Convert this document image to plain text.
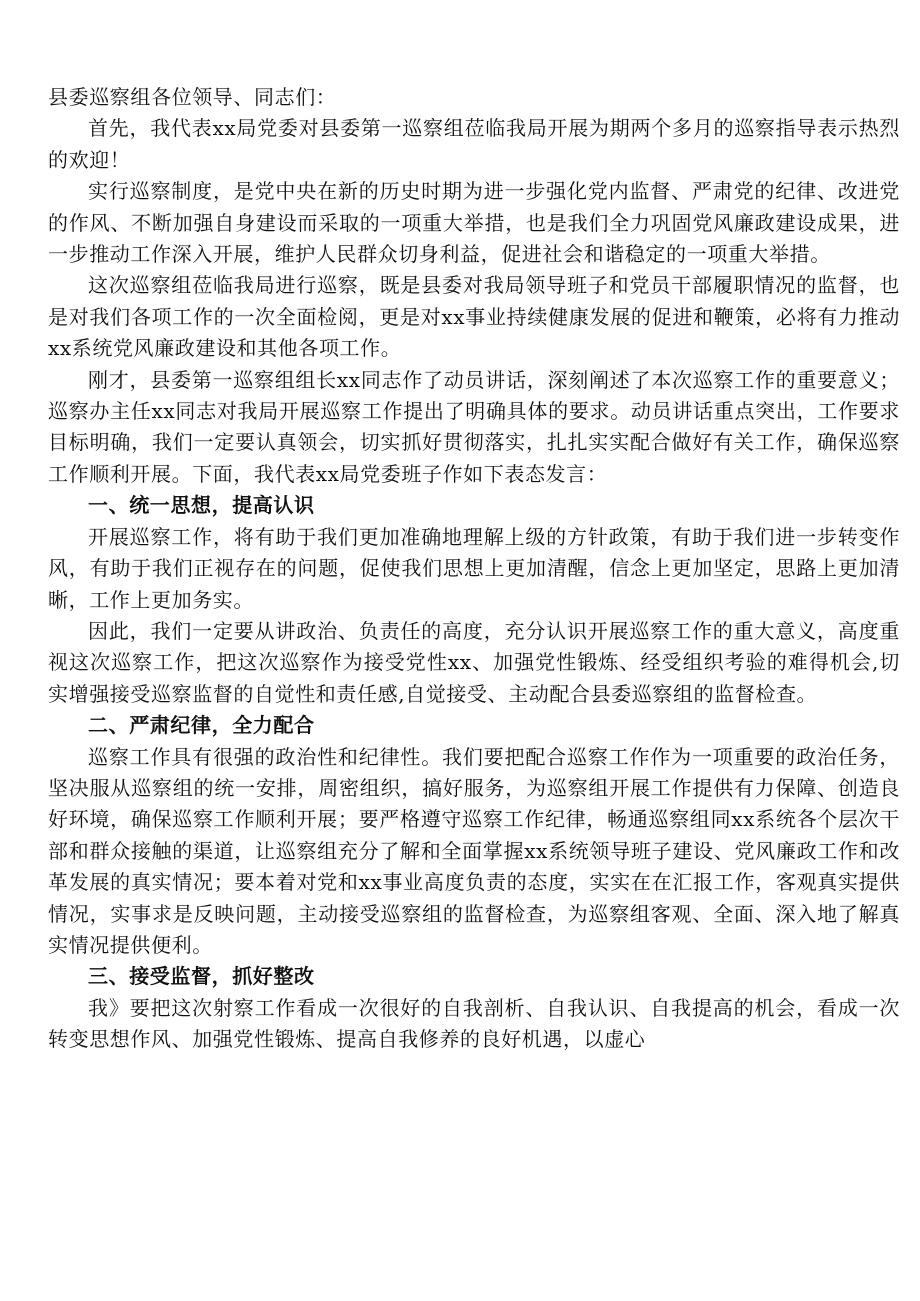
县委巡察组各位领导、同志们：

首先，我代表xx局党委对县委第一巡察组莅临我局开展为期两个多月的巡察指导表示热烈的欢迎！

实行巡察制度，是党中央在新的历史时期为进一步强化党内监督、严肃党的纪律、改进党的作风、不断加强自身建设而采取的一项重大举措，也是我们全力巩固党风廉政建设成果，进一步推动工作深入开展，维护人民群众切身利益，促进社会和谐稳定的一项重大举措。

这次巡察组莅临我局进行巡察，既是县委对我局领导班子和党员干部履职情况的监督，也是对我们各项工作的一次全面检阅，更是对xx事业持续健康发展的促进和鞭策，必将有力推动xx系统党风廉政建设和其他各项工作。

刚才，县委第一巡察组组长xx同志作了动员讲话，深刻阐述了本次巡察工作的重要意义；巡察办主任xx同志对我局开展巡察工作提出了明确具体的要求。动员讲话重点突出，工作要求目标明确，我们一定要认真领会，切实抓好贯彻落实，扎扎实实配合做好有关工作，确保巡察工作顺利开展。下面，我代表xx局党委班子作如下表态发言：

一、统一思想，提高认识

开展巡察工作，将有助于我们更加准确地理解上级的方针政策，有助于我们进一步转变作风，有助于我们正视存在的问题，促使我们思想上更加清醒，信念上更加坚定，思路上更加清晰，工作上更加务实。

因此，我们一定要从讲政治、负责任的高度，充分认识开展巡察工作的重大意义，高度重视这次巡察工作，把这次巡察作为接受党性xx、加强党性锻炼、经受组织考验的难得机会,切实增强接受巡察监督的自觉性和责任感,自觉接受、主动配合县委巡察组的监督检查。

二、严肃纪律，全力配合

巡察工作具有很强的政治性和纪律性。我们要把配合巡察工作作为一项重要的政治任务，坚决服从巡察组的统一安排，周密组织，搞好服务，为巡察组开展工作提供有力保障、创造良好环境，确保巡察工作顺利开展；要严格遵守巡察工作纪律，畅通巡察组同xx系统各个层次干部和群众接触的渠道，让巡察组充分了解和全面掌握xx系统领导班子建设、党风廉政工作和改革发展的真实情况；要本着对党和xx事业高度负责的态度，实实在在汇报工作，客观真实提供情况，实事求是反映问题，主动接受巡察组的监督检查，为巡察组客观、全面、深入地了解真实情况提供便利。

三、接受监督，抓好整改

我》要把这次射察工作看成一次很好的自我剖析、自我认识、自我提高的机会，看成一次转变思想作风、加强党性锻炼、提高自我修养的良好机遇，以虚心
